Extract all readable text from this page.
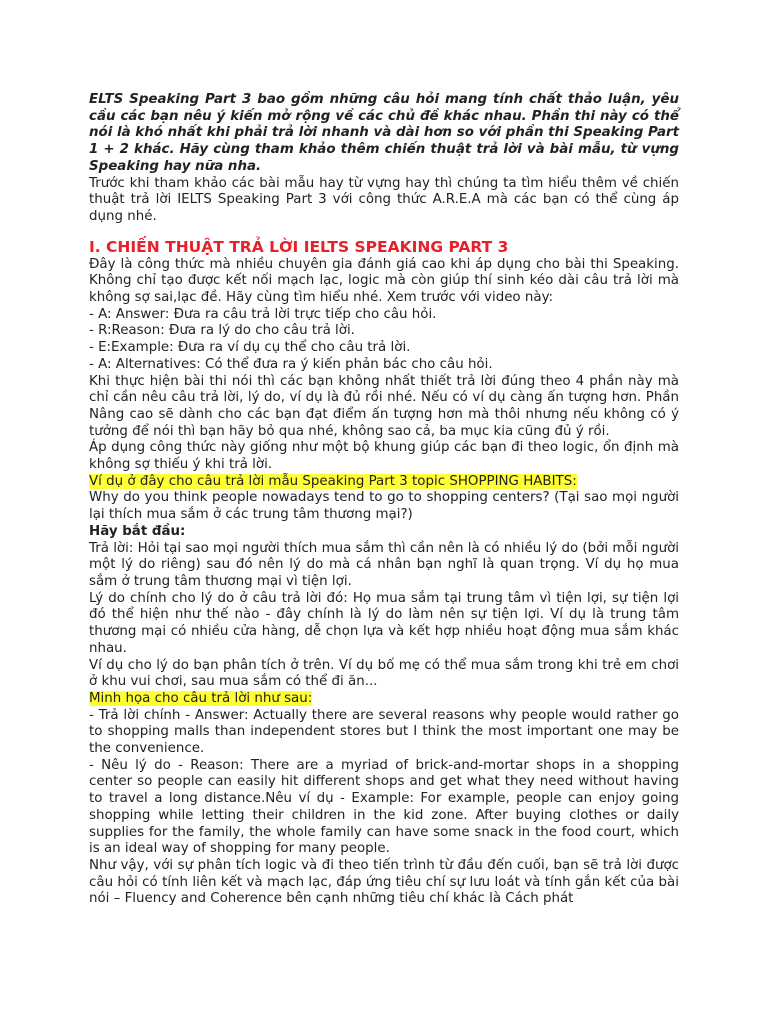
ELTS Speaking Part 3 bao gồm những câu hỏi mang tính chất thảo luận, yêu cầu các bạn nêu ý kiến mở rộng về các chủ đề khác nhau. Phần thi này có thể nói là khó nhất khi phải trả lời nhanh và dài hơn so với phần thi Speaking Part 1 + 2 khác. Hãy cùng tham khảo thêm chiến thuật trả lời và bài mẫu, từ vựng Speaking hay nữa nha.

Trước khi tham khảo các bài mẫu hay từ vựng hay thì chúng ta tìm hiểu thêm về chiến thuật trả lời IELTS Speaking Part 3 với công thức A.R.E.A mà các bạn có thể cùng áp dụng nhé.

I. CHIẾN THUẬT TRẢ LỜI IELTS SPEAKING PART 3

Đây là công thức mà nhiều chuyên gia đánh giá cao khi áp dụng cho bài thi Speaking. Không chỉ tạo được kết nối mạch lạc, logic mà còn giúp thí sinh kéo dài câu trả lời mà không sợ sai,lạc đề. Hãy cùng tìm hiểu nhé. Xem trước với video này:

- A: Answer: Đưa ra câu trả lời trực tiếp cho câu hỏi.

- R:Reason: Đưa ra lý do cho câu trả lời.

- E:Example: Đưa ra ví dụ cụ thể cho câu trả lời.

- A: Alternatives: Có thể đưa ra ý kiến phản bác cho câu hỏi.

Khi thực hiện bài thi nói thì các bạn không nhất thiết trả lời đúng theo 4 phần này mà chỉ cần nêu câu trả lời, lý do, ví dụ là đủ rồi nhé. Nếu có ví dụ càng ấn tượng hơn. Phần Nâng cao sẽ dành cho các bạn đạt điểm ấn tượng hơn mà thôi nhưng nếu không có ý tưởng để nói thì bạn hãy bỏ qua nhé, không sao cả, ba mục kia cũng đủ ý rồi.

Áp dụng công thức này giống như một bộ khung giúp các bạn đi theo logic, ổn định mà không sợ thiếu ý khi trả lời.

Ví dụ ở đây cho câu trả lời mẫu Speaking Part 3 topic SHOPPING HABITS:

Why do you think people nowadays tend to go to shopping centers? (Tại sao mọi người lại thích mua sắm ở các trung tâm thương mại?)

Hãy bắt đầu:

Trả lời: Hỏi tại sao mọi người thích mua sắm thì cần nên là có nhiều lý do (bởi mỗi người một lý do riêng) sau đó nên lý do mà cá nhân bạn nghĩ là quan trọng. Ví dụ họ mua sắm ở trung tâm thương mại vì tiện lợi.

Lý do chính cho lý do ở câu trả lời đó: Họ mua sắm tại trung tâm vì tiện lợi, sự tiện lợi đó thể hiện như thế nào - đây chính là lý do làm nên sự tiện lợi. Ví dụ là trung tâm thương mại có nhiều cửa hàng, dễ chọn lựa và kết hợp nhiều hoạt động mua sắm khác nhau.

Ví dụ cho lý do bạn phân tích ở trên. Ví dụ bố mẹ có thể mua sắm trong khi trẻ em chơi ở khu vui chơi, sau mua sắm có thể đi ăn...

Minh họa cho câu trả lời như sau:

- Trả lời chính - Answer: Actually there are several reasons why people would rather go to shopping malls than independent stores but I think the most important one may be the convenience.

- Nêu lý do - Reason: There are a myriad of brick-and-mortar shops in a shopping center so people can easily hit different shops and get what they need without having to travel a long distance.Nêu ví dụ - Example: For example, people can enjoy going shopping while letting their children in the kid zone. After buying clothes or daily supplies for the family, the whole family can have some snack in the food court, which is an ideal way of shopping for many people.

Như vậy, với sự phân tích logic và đi theo tiến trình từ đầu đến cuối, bạn sẽ trả lời được câu hỏi có tính liên kết và mạch lạc, đáp ứng tiêu chí sự lưu loát và tính gắn kết của bài nói – Fluency and Coherence bên cạnh những tiêu chí khác là Cách phát
